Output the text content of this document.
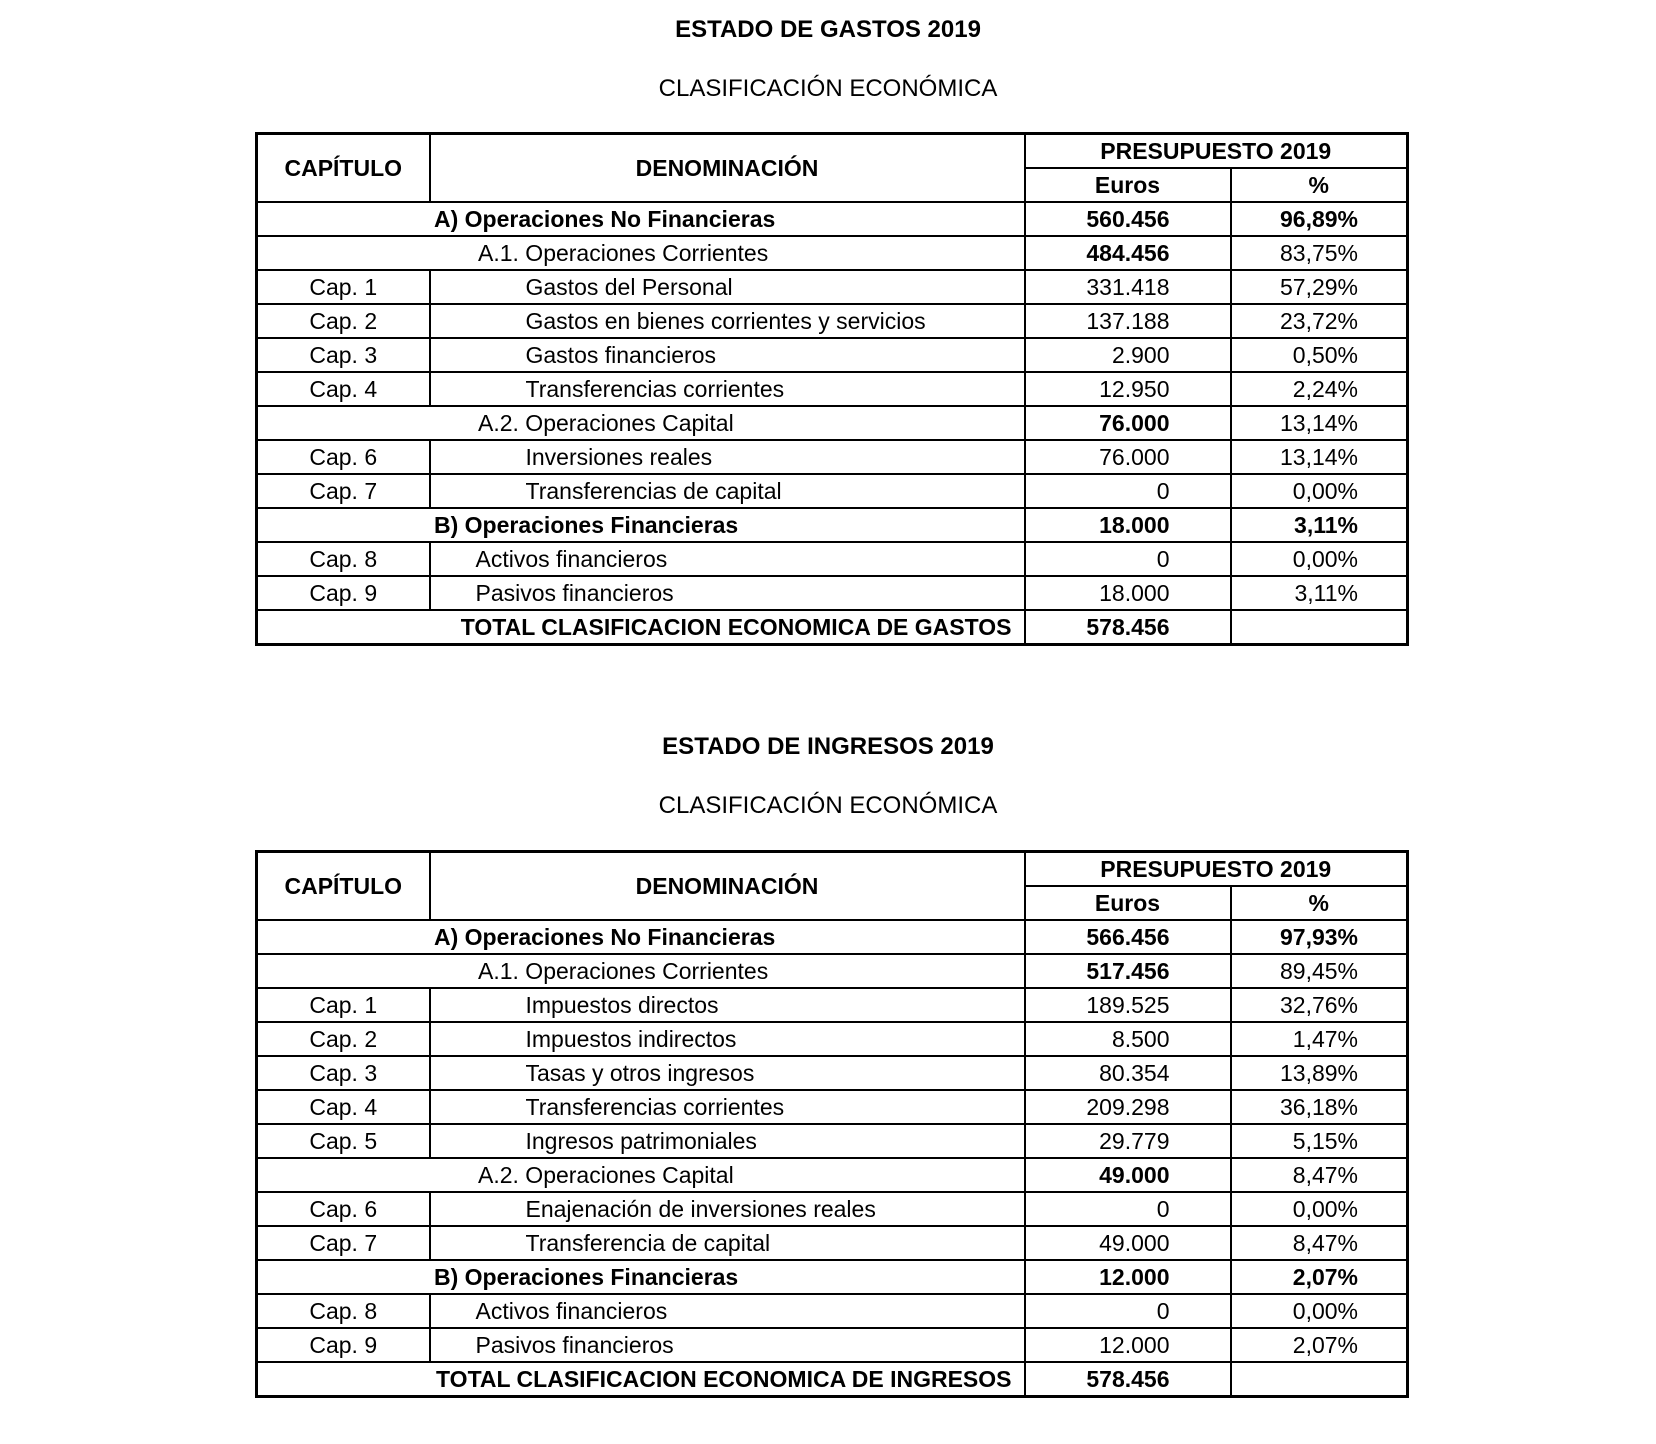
ESTADO DE GASTOS 2019
CLASIFICACIÓN ECONÓMICA
CAPÍTULO	DENOMINACIÓN	PRESUPUESTO 2019	
		Euros	%
A) Operaciones No Financieras		560.456	96,89%
A.1. Operaciones Corrientes		484.456	83,75%
Cap. 1	Gastos del Personal	331.418	57,29%
Cap. 2	Gastos en bienes corrientes y servicios	137.188	23,72%
Cap. 3	Gastos financieros	2.900	0,50%
Cap. 4	Transferencias corrientes	12.950	2,24%
A.2. Operaciones Capital		76.000	13,14%
Cap. 6	Inversiones reales	76.000	13,14%
Cap. 7	Transferencias de capital	0	0,00%
B) Operaciones Financieras		18.000	3,11%
Cap. 8	Activos financieros	0	0,00%
Cap. 9	Pasivos financieros	18.000	3,11%
TOTAL CLASIFICACION ECONOMICA DE GASTOS		578.456	
ESTADO DE INGRESOS 2019
CLASIFICACIÓN ECONÓMICA
CAPÍTULO	DENOMINACIÓN	PRESUPUESTO 2019	
		Euros	%
A) Operaciones No Financieras		566.456	97,93%
A.1. Operaciones Corrientes		517.456	89,45%
Cap. 1	Impuestos directos	189.525	32,76%
Cap. 2	Impuestos indirectos	8.500	1,47%
Cap. 3	Tasas y otros ingresos	80.354	13,89%
Cap. 4	Transferencias corrientes	209.298	36,18%
Cap. 5	Ingresos patrimoniales	29.779	5,15%
A.2. Operaciones Capital		49.000	8,47%
Cap. 6	Enajenación de inversiones reales	0	0,00%
Cap. 7	Transferencia de capital	49.000	8,47%
B) Operaciones Financieras		12.000	2,07%
Cap. 8	Activos financieros	0	0,00%
Cap. 9	Pasivos financieros	12.000	2,07%
TOTAL CLASIFICACION ECONOMICA DE INGRESOS		578.456	
